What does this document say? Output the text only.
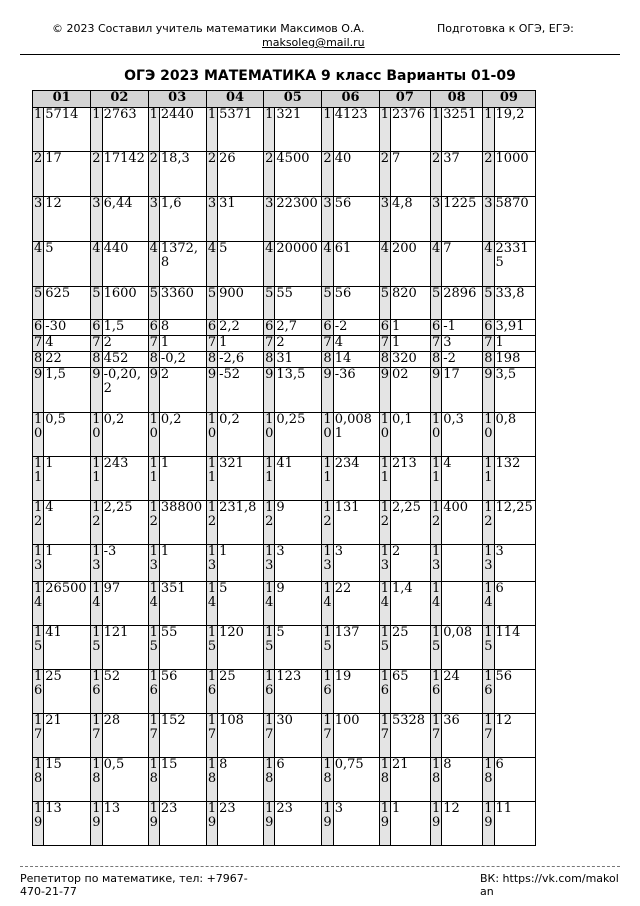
© 2023 Составил учитель математики Максимов О.А.	Подготовка к ОГЭ, ЕГЭ:
maksoleg@mail.ru
ОГЭ 2023 МАТЕМАТИКА 9 класс Варианты 01-09
01		02		03		04		05		06		07		08		09	
1	5714	1	2763	1	2440	1	5371	1	321	1	4123	1	2376	1	3251	1	19,2
2	17	2	17142	2	18,3	2	26	2	4500	2	40	2	7	2	37	2	1000
3	12	3	6,44	3	1,6	3	31	3	22300	3	56	3	4,8	3	1225	3	5870
4	5	4	440	4	1372,8	4	5	4	20000	4	61	4	200	4	7	4	23315
5	625	5	1600	5	3360	5	900	5	55	5	56	5	820	5	2896	5	33,8
6	-30	6	1,5	6	8	6	2,2	6	2,7	6	-2	6	1	6	-1	6	3,91
7	4	7	2	7	1	7	1	7	2	7	4	7	1	7	3	7	1
8	22	8	452	8	-0,2	8	-2,6	8	31	8	14	8	320	8	-2	8	198
9	1,5	9	-0,20,2	9	2	9	-52	9	13,5	9	-36	9	02	9	17	9	3,5
10	0,5	10	0,2	10	0,2	10	0,2	10	0,25	10	0,0081	10	0,1	10	0,3	10	0,8
11	1	11	243	11	1	11	321	11	41	11	234	11	213	11	4	11	132
12	4	12	2,25	12	38800	12	231,8	12	9	12	131	12	2,25	12	400	12	12,25
13	1	13	-3	13	1	13	1	13	3	13	3	13	2	13		13	3
14	26500	14	97	14	351	14	5	14	9	14	22	14	1,4	14		14	6
15	41	15	121	15	55	15	120	15	5	15	137	15	25	15	0,08	15	114
16	25	16	52	16	56	16	25	16	123	16	19	16	65	16	24	16	56
17	21	17	28	17	152	17	108	17	30	17	100	17	5328	17	36	17	12
18	15	18	0,5	18	15	18	8	18	6	18	0,75	18	21	18	8	18	6
19	13	19	13	19	23	19	23	19	23	19	3	19	1	19	12	19	11
Репетитор по математике, тел: +7967-470-21-77
ВК: https://vk.com/makolan
